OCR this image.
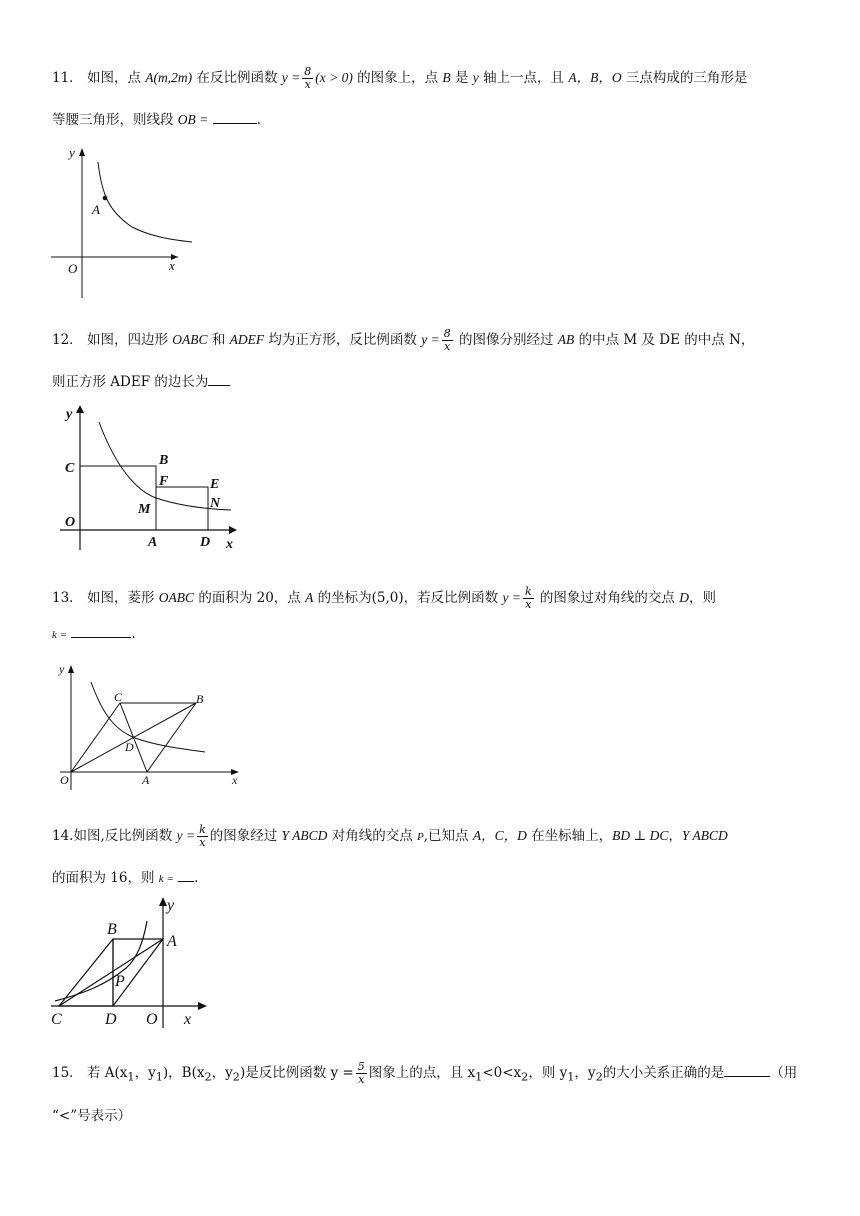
11． 如图，点 A(m,2m) 在反比例函数 $y = \frac{8}{x} (x > 0)$ 的图象上，点 B 是 y 轴上一点，且 A，B，O 三点构成的三角形是
等腰三角形，则线段 OB =	.
y
x
O
A
12． 如图，四边形 OABC 和 ADEF 均为正方形，反比例函数 $y = \frac{8}{x}$ 的图像分别经过 AB 的中点 M 及 DE 的中点 N，
则正方形 ADEF 的边长为
y
C
O
B
F
M
E
N
A	D x
13． 如图，菱形 OABC 的面积为 20，点 A 的坐标为(5,0)，若反比例函数 $y = \frac{k}{x}$ 的图象过对角线的交点 D，则
k =	.
y
C	B
D
O	A	x
14.如图,反比例函数 $y = \frac{k}{x}$ 的图象经过 Y ABCD 对角线的交点 P,已知点 A，C，D 在坐标轴上，BD ⊥ DC，Y ABCD
的面积为 16，则 k = .
y
B
A
P
C	D O x
15． 若 $A(x_1$，$y_1$)，$B(x_2$，$y_2$)是反比例函数 $y = \frac{5}{x}$ 图象上的点，且 $x_1<0<x_2$，则 $y_1$，$y_2$的大小关系正确的是	（用
“<”号表示）
